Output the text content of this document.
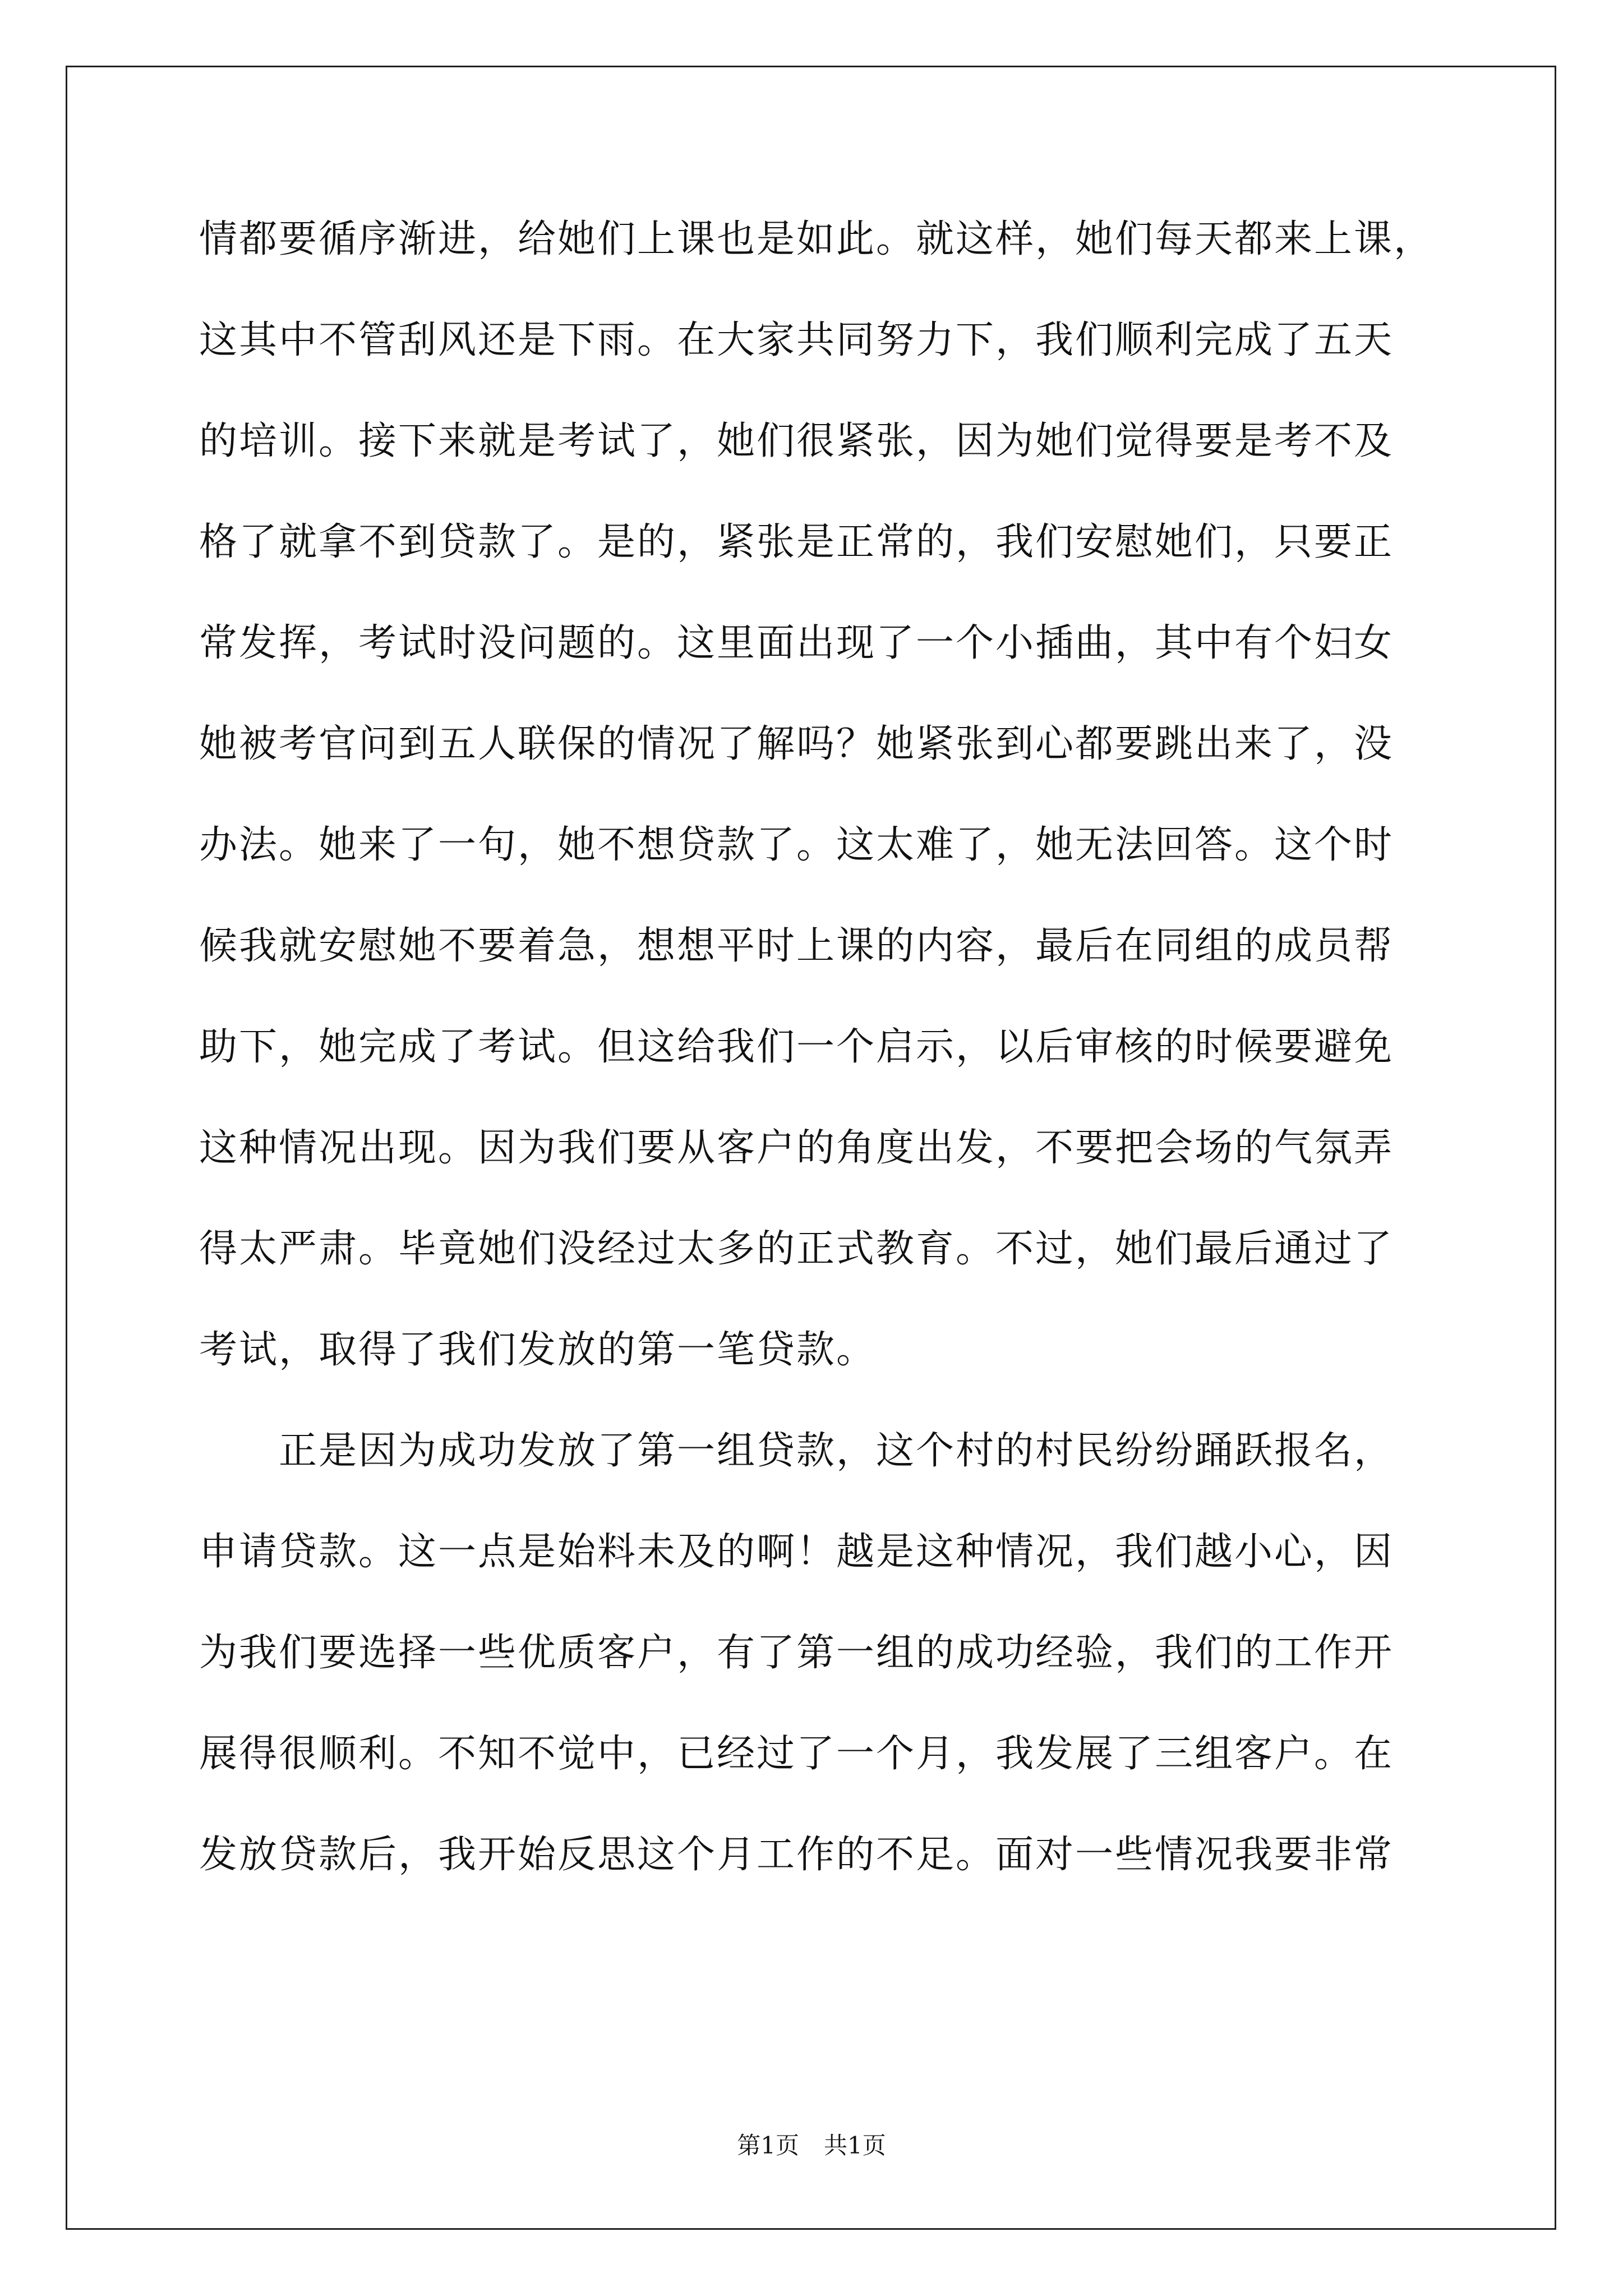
情都要循序渐进，给她们上课也是如此。就这样，她们每天都来上课，
这其中不管刮风还是下雨。在大家共同努力下，我们顺利完成了五天
的培训。接下来就是考试了，她们很紧张，因为她们觉得要是考不及
格了就拿不到贷款了。是的，紧张是正常的，我们安慰她们，只要正
常发挥，考试时没问题的。这里面出现了一个小插曲，其中有个妇女
她被考官问到五人联保的情况了解吗？她紧张到心都要跳出来了，没
办法。她来了一句，她不想贷款了。这太难了，她无法回答。这个时
候我就安慰她不要着急，想想平时上课的内容，最后在同组的成员帮
助下，她完成了考试。但这给我们一个启示，以后审核的时候要避免
这种情况出现。因为我们要从客户的角度出发，不要把会场的气氛弄
得太严肃。毕竟她们没经过太多的正式教育。不过，她们最后通过了
考试，取得了我们发放的第一笔贷款。
　　正是因为成功发放了第一组贷款，这个村的村民纷纷踊跃报名，
申请贷款。这一点是始料未及的啊！越是这种情况，我们越小心，因
为我们要选择一些优质客户，有了第一组的成功经验，我们的工作开
展得很顺利。不知不觉中，已经过了一个月，我发展了三组客户。在
发放贷款后，我开始反思这个月工作的不足。面对一些情况我要非常
第1页 共1页
